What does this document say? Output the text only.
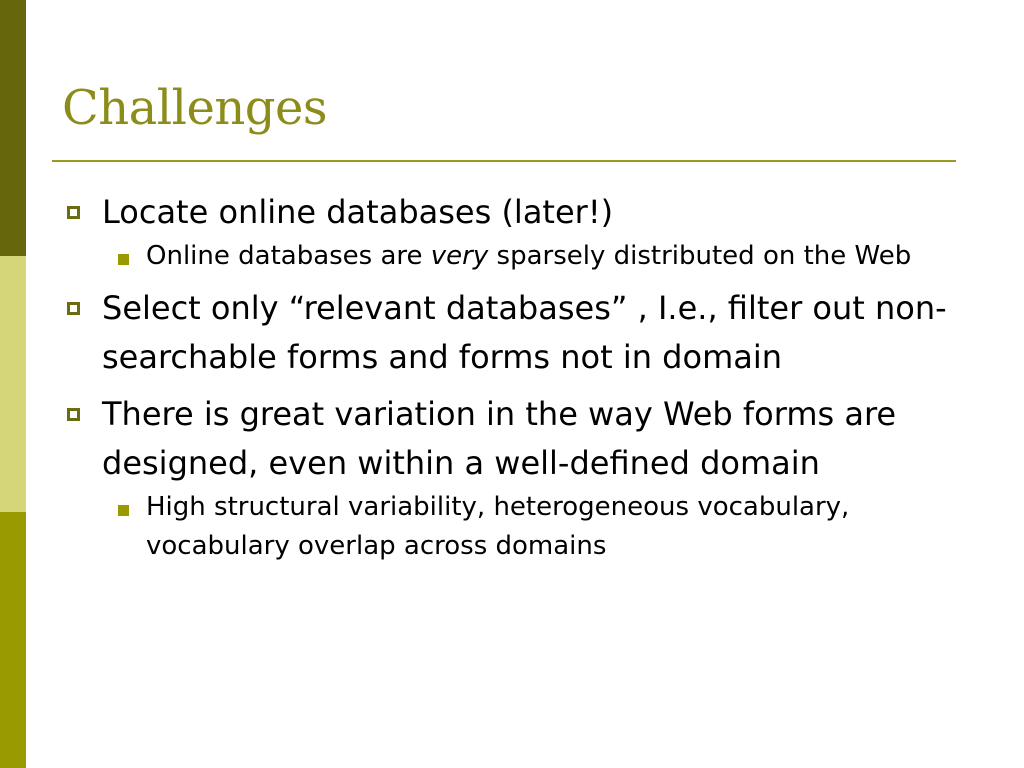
Challenges
Locate online databases (later!)
Online databases are very sparsely distributed on the Web
Select only “relevant databases” , I.e., filter out non-searchable forms and forms not in domain
There is great variation in the way Web forms are designed, even within a well-defined domain
High structural variability, heterogeneous vocabulary, vocabulary overlap across domains
